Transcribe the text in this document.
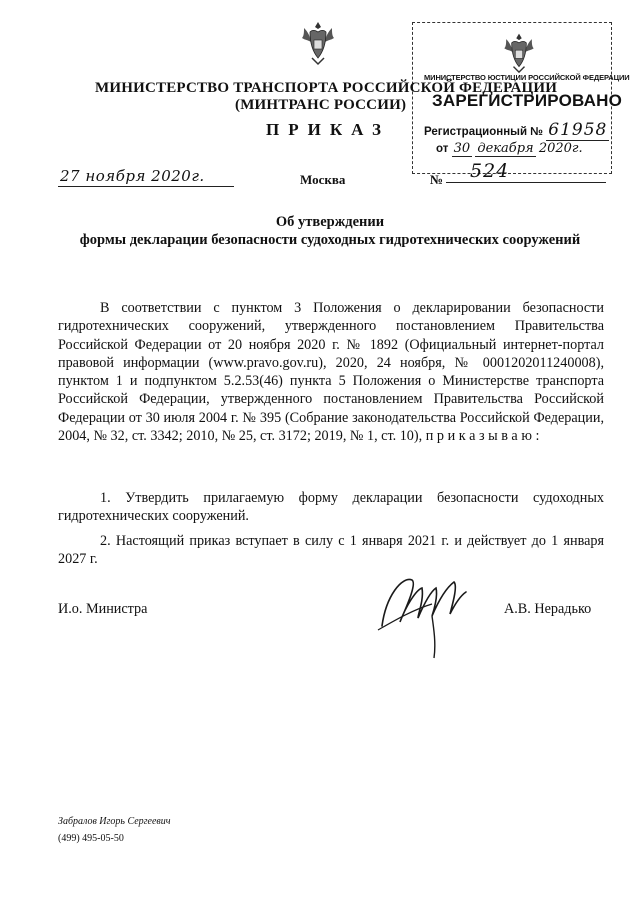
МИНИСТЕРСТВО ЮСТИЦИИ РОССИЙСКОЙ ФЕДЕРАЦИИ
ЗАРЕГИСТРИРОВАНО
Регистрационный № 61958
от 30 декабря 2020г.
МИНИСТЕРСТВО ТРАНСПОРТА РОССИЙСКОЙ ФЕДЕРАЦИИ
(МИНТРАНС РОССИИ)
ПРИКАЗ
27 ноября 2020г.	Москва	№ 524
Об утверждении
формы декларации безопасности судоходных гидротехнических сооружений

В соответствии с пунктом 3 Положения о декларировании безопасности гидротехнических сооружений, утвержденного постановлением Правительства Российской Федерации от 20 ноября 2020 г. № 1892 (Официальный интернет-портал правовой информации (www.pravo.gov.ru), 2020, 24 ноября, № 0001202011240008), пунктом 1 и подпунктом 5.2.53(46) пункта 5 Положения о Министерстве транспорта Российской Федерации, утвержденного постановлением Правительства Российской Федерации от 30 июля 2004 г. № 395 (Собрание законодательства Российской Федерации, 2004, № 32, ст. 3342; 2010, № 25, ст. 3172; 2019, № 1, ст. 10), приказываю:

1. Утвердить прилагаемую форму декларации безопасности судоходных гидротехнических сооружений.

2. Настоящий приказ вступает в силу с 1 января 2021 г. и действует до 1 января 2027 г.

И.о. Министра	А.В. Нерадько
Забралов Игорь Сергеевич
(499) 495-05-50
